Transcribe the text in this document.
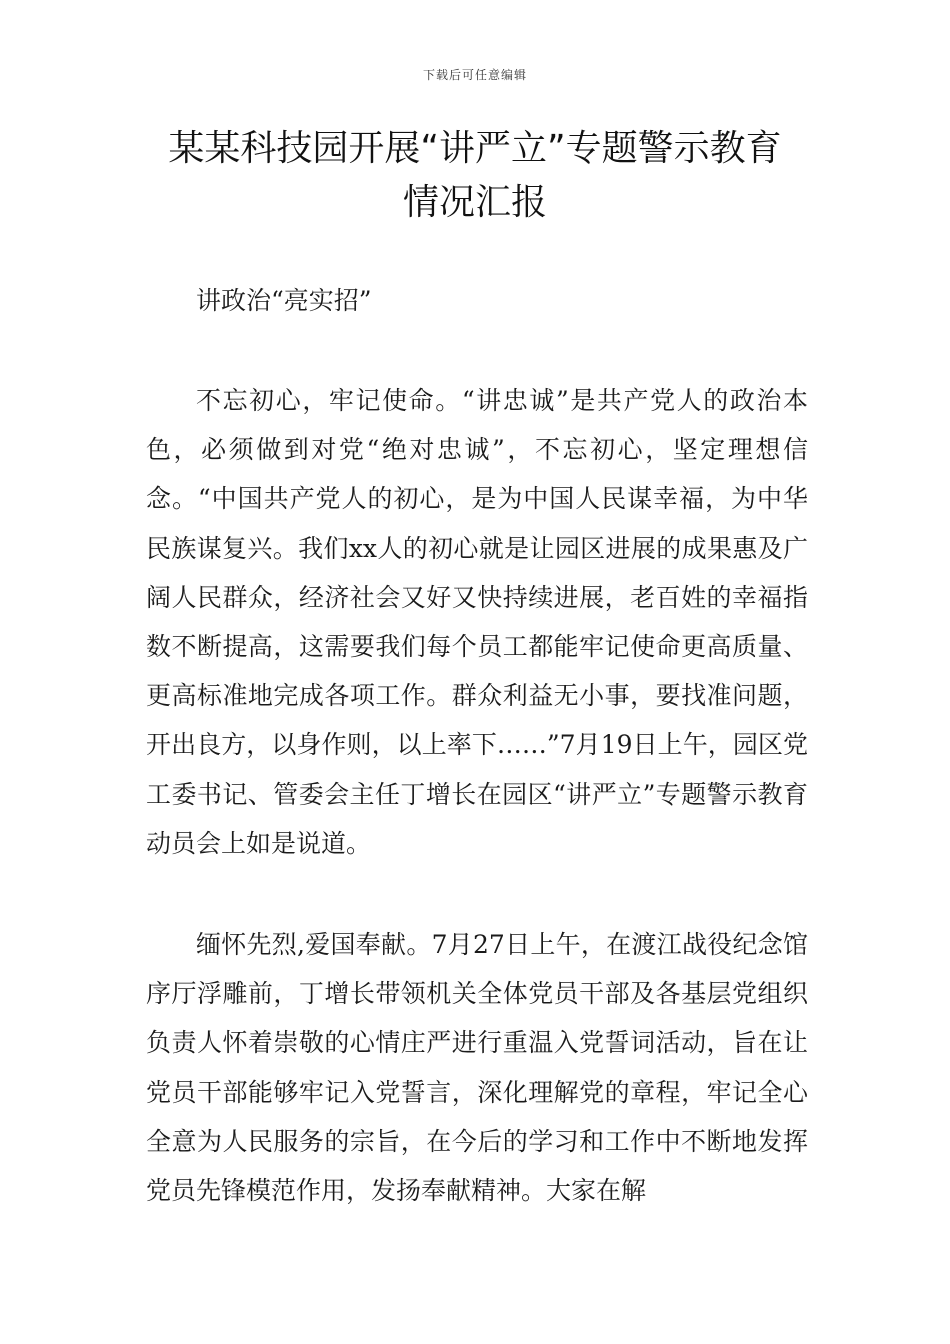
下载后可任意编辑
某某科技园开展“讲严立”专题警示教育
情况汇报

讲政治“亮实招”

不忘初心，牢记使命。“讲忠诚”是共产党人的政治本色，必须做到对党“绝对忠诚”，不忘初心，坚定理想信念。“中国共产党人的初心，是为中国人民谋幸福，为中华民族谋复兴。我们xx人的初心就是让园区进展的成果惠及广阔人民群众，经济社会又好又快持续进展，老百姓的幸福指数不断提高，这需要我们每个员工都能牢记使命更高质量、更高标准地完成各项工作。群众利益无小事，要找准问题，开出良方，以身作则，以上率下……”7月19日上午，园区党工委书记、管委会主任丁增长在园区“讲严立”专题警示教育动员会上如是说道。

缅怀先烈,爱国奉献。7月27日上午，在渡江战役纪念馆序厅浮雕前，丁增长带领机关全体党员干部及各基层党组织负责人怀着崇敬的心情庄严进行重温入党誓词活动，旨在让党员干部能够牢记入党誓言，深化理解党的章程，牢记全心全意为人民服务的宗旨，在今后的学习和工作中不断地发挥党员先锋模范作用，发扬奉献精神。大家在解
